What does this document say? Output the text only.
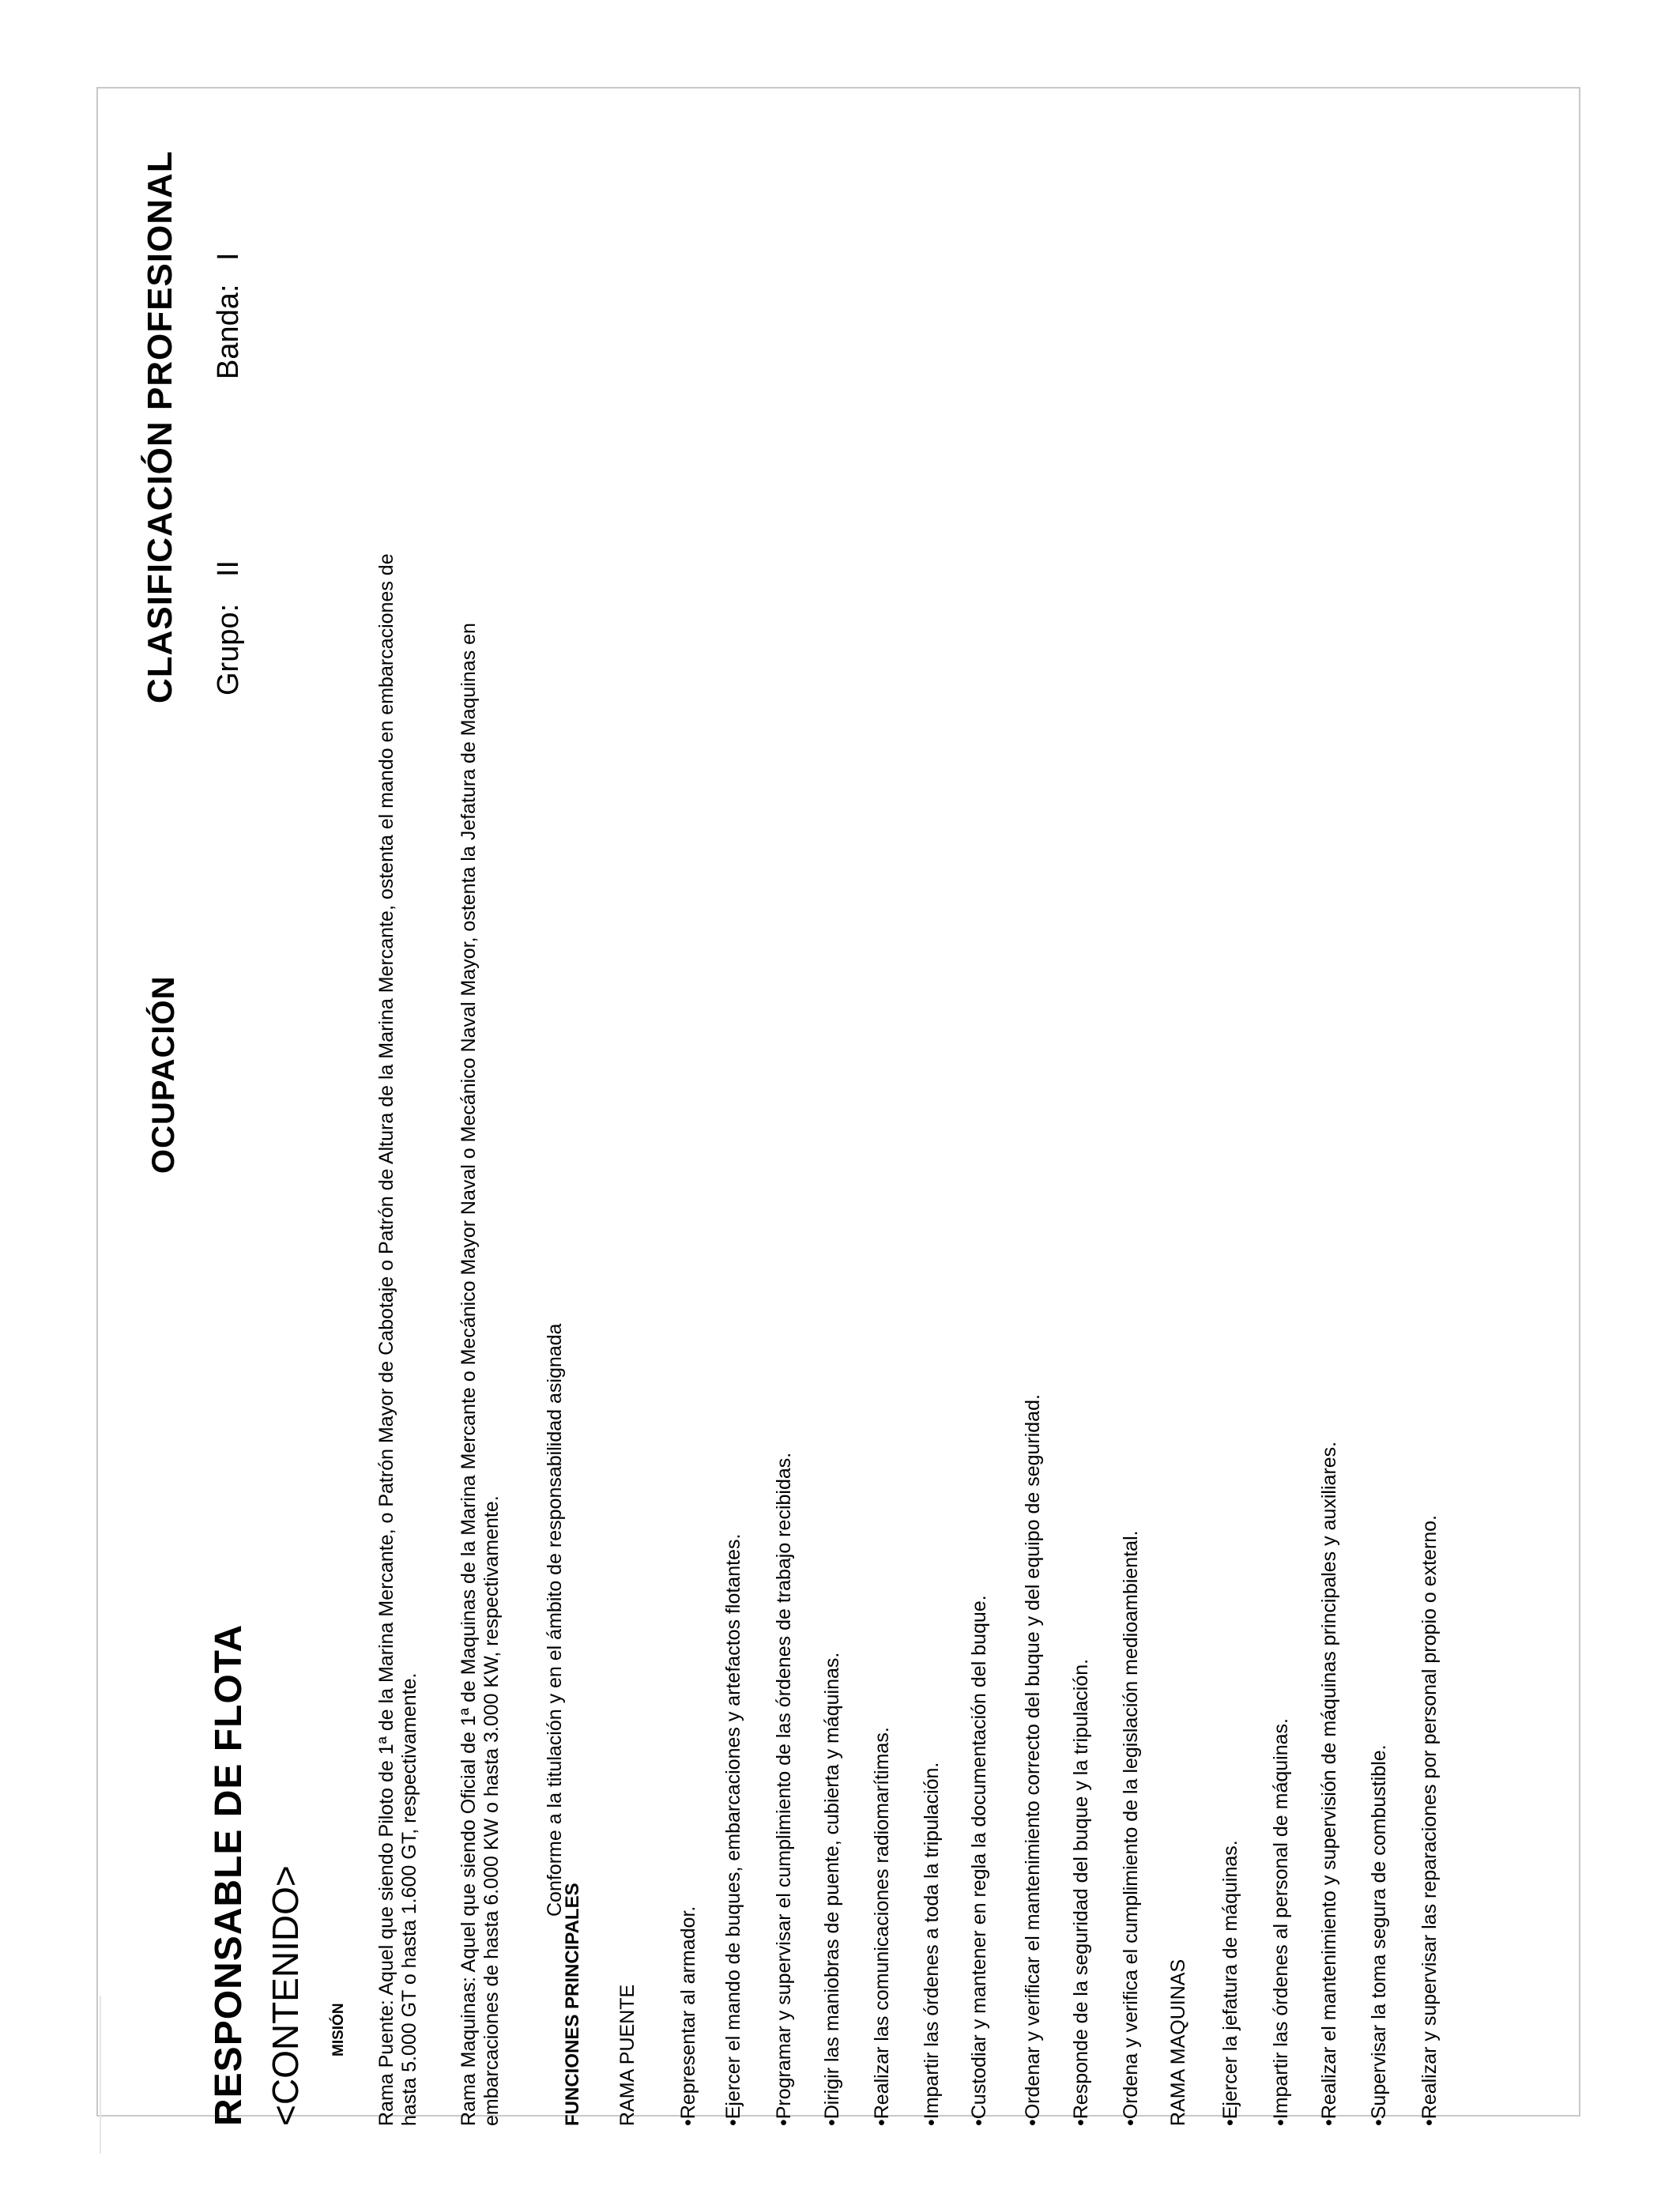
RESPONSABLE DE FLOTA
OCUPACIÓN
CLASIFICACIÓN PROFESIONAL Grupo:IIBanda:I
<CONTENIDO> MISIÓN Rama Puente: Aquel que siendo Piloto de 1ª de la Marina Mercante, o Patrón Mayor de Cabotaje o Patrón de Altura de la Marina Mercante, ostenta el mando en embarcaciones de hasta 5.000 GT o hasta 1.600 GT, respectivamente. Rama Maquinas: Aquel que siendo Oficial de 1ª de Maquinas de la Marina Mercante o Mecánico Mayor Naval o Mecánico Naval Mayor, ostenta la Jefatura de Maquinas en embarcaciones de hasta 6.000 KW o hasta 3.000 KW, respectivamente.	FUNCIONES PRINCIPALES
Conforme a la titulación y en el ámbito de responsabilidad asignada
RAMA PUENTE •Representar al armador. •Ejercer el mando de buques, embarcaciones y artefactos flotantes. •Programar y supervisar el cumplimiento de las órdenes de trabajo recibidas. •Dirigir las maniobras de puente, cubierta y máquinas. •Realizar las comunicaciones radiomarítimas. •Impartir las órdenes a toda la tripulación. •Custodiar y mantener en regla la documentación del buque. •Ordenar y verificar el mantenimiento correcto del buque y del equipo de seguridad. •Responde de la seguridad del buque y la tripulación. •Ordena y verifica el cumplimiento de la legislación medioambiental. RAMA MAQUINAS •Ejercer la jefatura de máquinas. •Impartir las órdenes al personal de máquinas. •Realizar el mantenimiento y supervisión de máquinas principales y auxiliares. •Supervisar la toma segura de combustible. •Realizar y supervisar las reparaciones por personal propio o externo.
